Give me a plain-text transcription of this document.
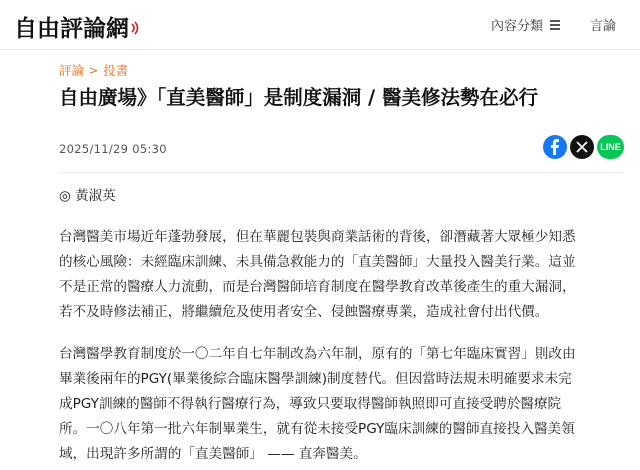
自由評論網	內容分類	言論
評論 > 投書
自由廣場》「直美醫師」是制度漏洞 / 醫美修法勢在必行
2025/11/29 05:30	LINE
◎ 黃淑英
台灣醫美市場近年蓬勃發展，但在華麗包裝與商業話術的背後，卻潛藏著大眾極少知悉
的核心風險：未經臨床訓練、未具備急救能力的「直美醫師」大量投入醫美行業。這並
不是正常的醫療人力流動，而是台灣醫師培育制度在醫學教育改革後產生的重大漏洞，
若不及時修法補正，將繼續危及使用者安全、侵蝕醫療專業，造成社會付出代價。
台灣醫學教育制度於一〇二年自七年制改為六年制，原有的「第七年臨床實習」則改由
畢業後兩年的PGY(畢業後綜合臨床醫學訓練)制度替代。但因當時法規未明確要求未完
成PGY訓練的醫師不得執行醫療行為，導致只要取得醫師執照即可直接受聘於醫療院
所。一〇八年第一批六年制畢業生，就有從未接受PGY臨床訓練的醫師直接投入醫美領
域，出現許多所謂的「直美醫師」 —— 直奔醫美。
